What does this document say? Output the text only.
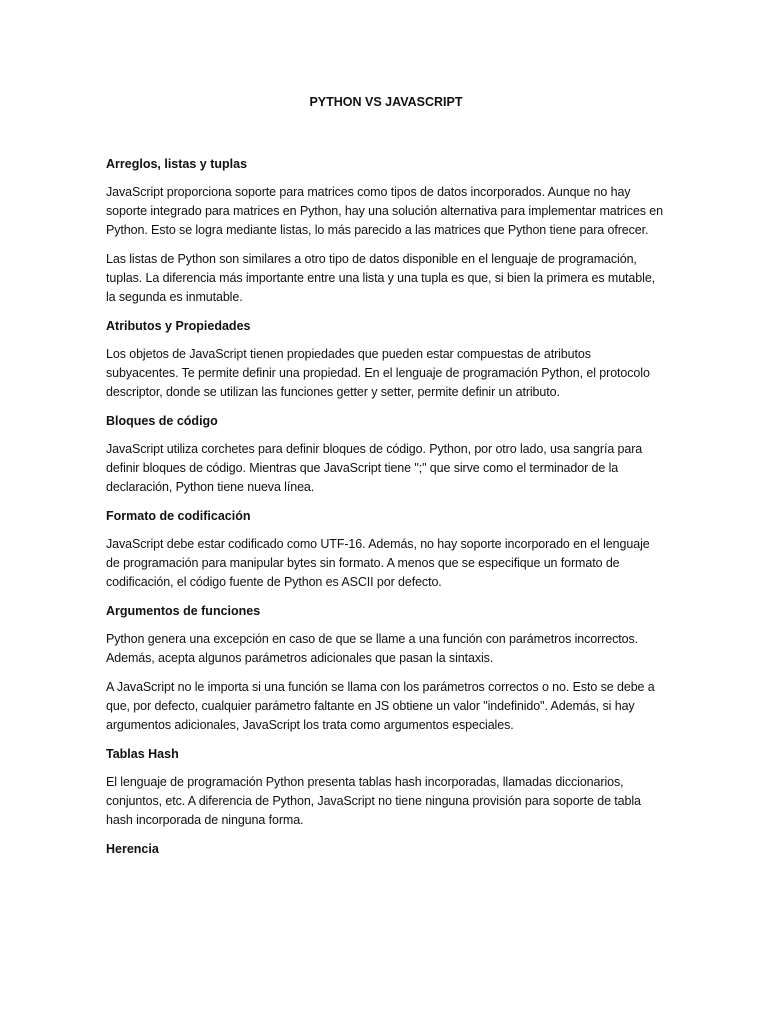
PYTHON VS JAVASCRIPT
Arreglos, listas y tuplas

JavaScript proporciona soporte para matrices como tipos de datos incorporados. Aunque no hay soporte integrado para matrices en Python, hay una solución alternativa para implementar matrices en Python. Esto se logra mediante listas, lo más parecido a las matrices que Python tiene para ofrecer.

Las listas de Python son similares a otro tipo de datos disponible en el lenguaje de programación, tuplas. La diferencia más importante entre una lista y una tupla es que, si bien la primera es mutable, la segunda es inmutable.

Atributos y Propiedades

Los objetos de JavaScript tienen propiedades que pueden estar compuestas de atributos subyacentes. Te permite definir una propiedad. En el lenguaje de programación Python, el protocolo descriptor, donde se utilizan las funciones getter y setter, permite definir un atributo.

Bloques de código

JavaScript utiliza corchetes para definir bloques de código. Python, por otro lado, usa sangría para definir bloques de código. Mientras que JavaScript tiene ";" que sirve como el terminador de la declaración, Python tiene nueva línea.

Formato de codificación

JavaScript debe estar codificado como UTF-16. Además, no hay soporte incorporado en el lenguaje de programación para manipular bytes sin formato. A menos que se especifique un formato de codificación, el código fuente de Python es ASCII por defecto.

Argumentos de funciones

Python genera una excepción en caso de que se llame a una función con parámetros incorrectos. Además, acepta algunos parámetros adicionales que pasan la sintaxis.

A JavaScript no le importa si una función se llama con los parámetros correctos o no. Esto se debe a que, por defecto, cualquier parámetro faltante en JS obtiene un valor "indefinido". Además, si hay argumentos adicionales, JavaScript los trata como argumentos especiales.

Tablas Hash

El lenguaje de programación Python presenta tablas hash incorporadas, llamadas diccionarios, conjuntos, etc. A diferencia de Python, JavaScript no tiene ninguna provisión para soporte de tabla hash incorporada de ninguna forma.

Herencia
